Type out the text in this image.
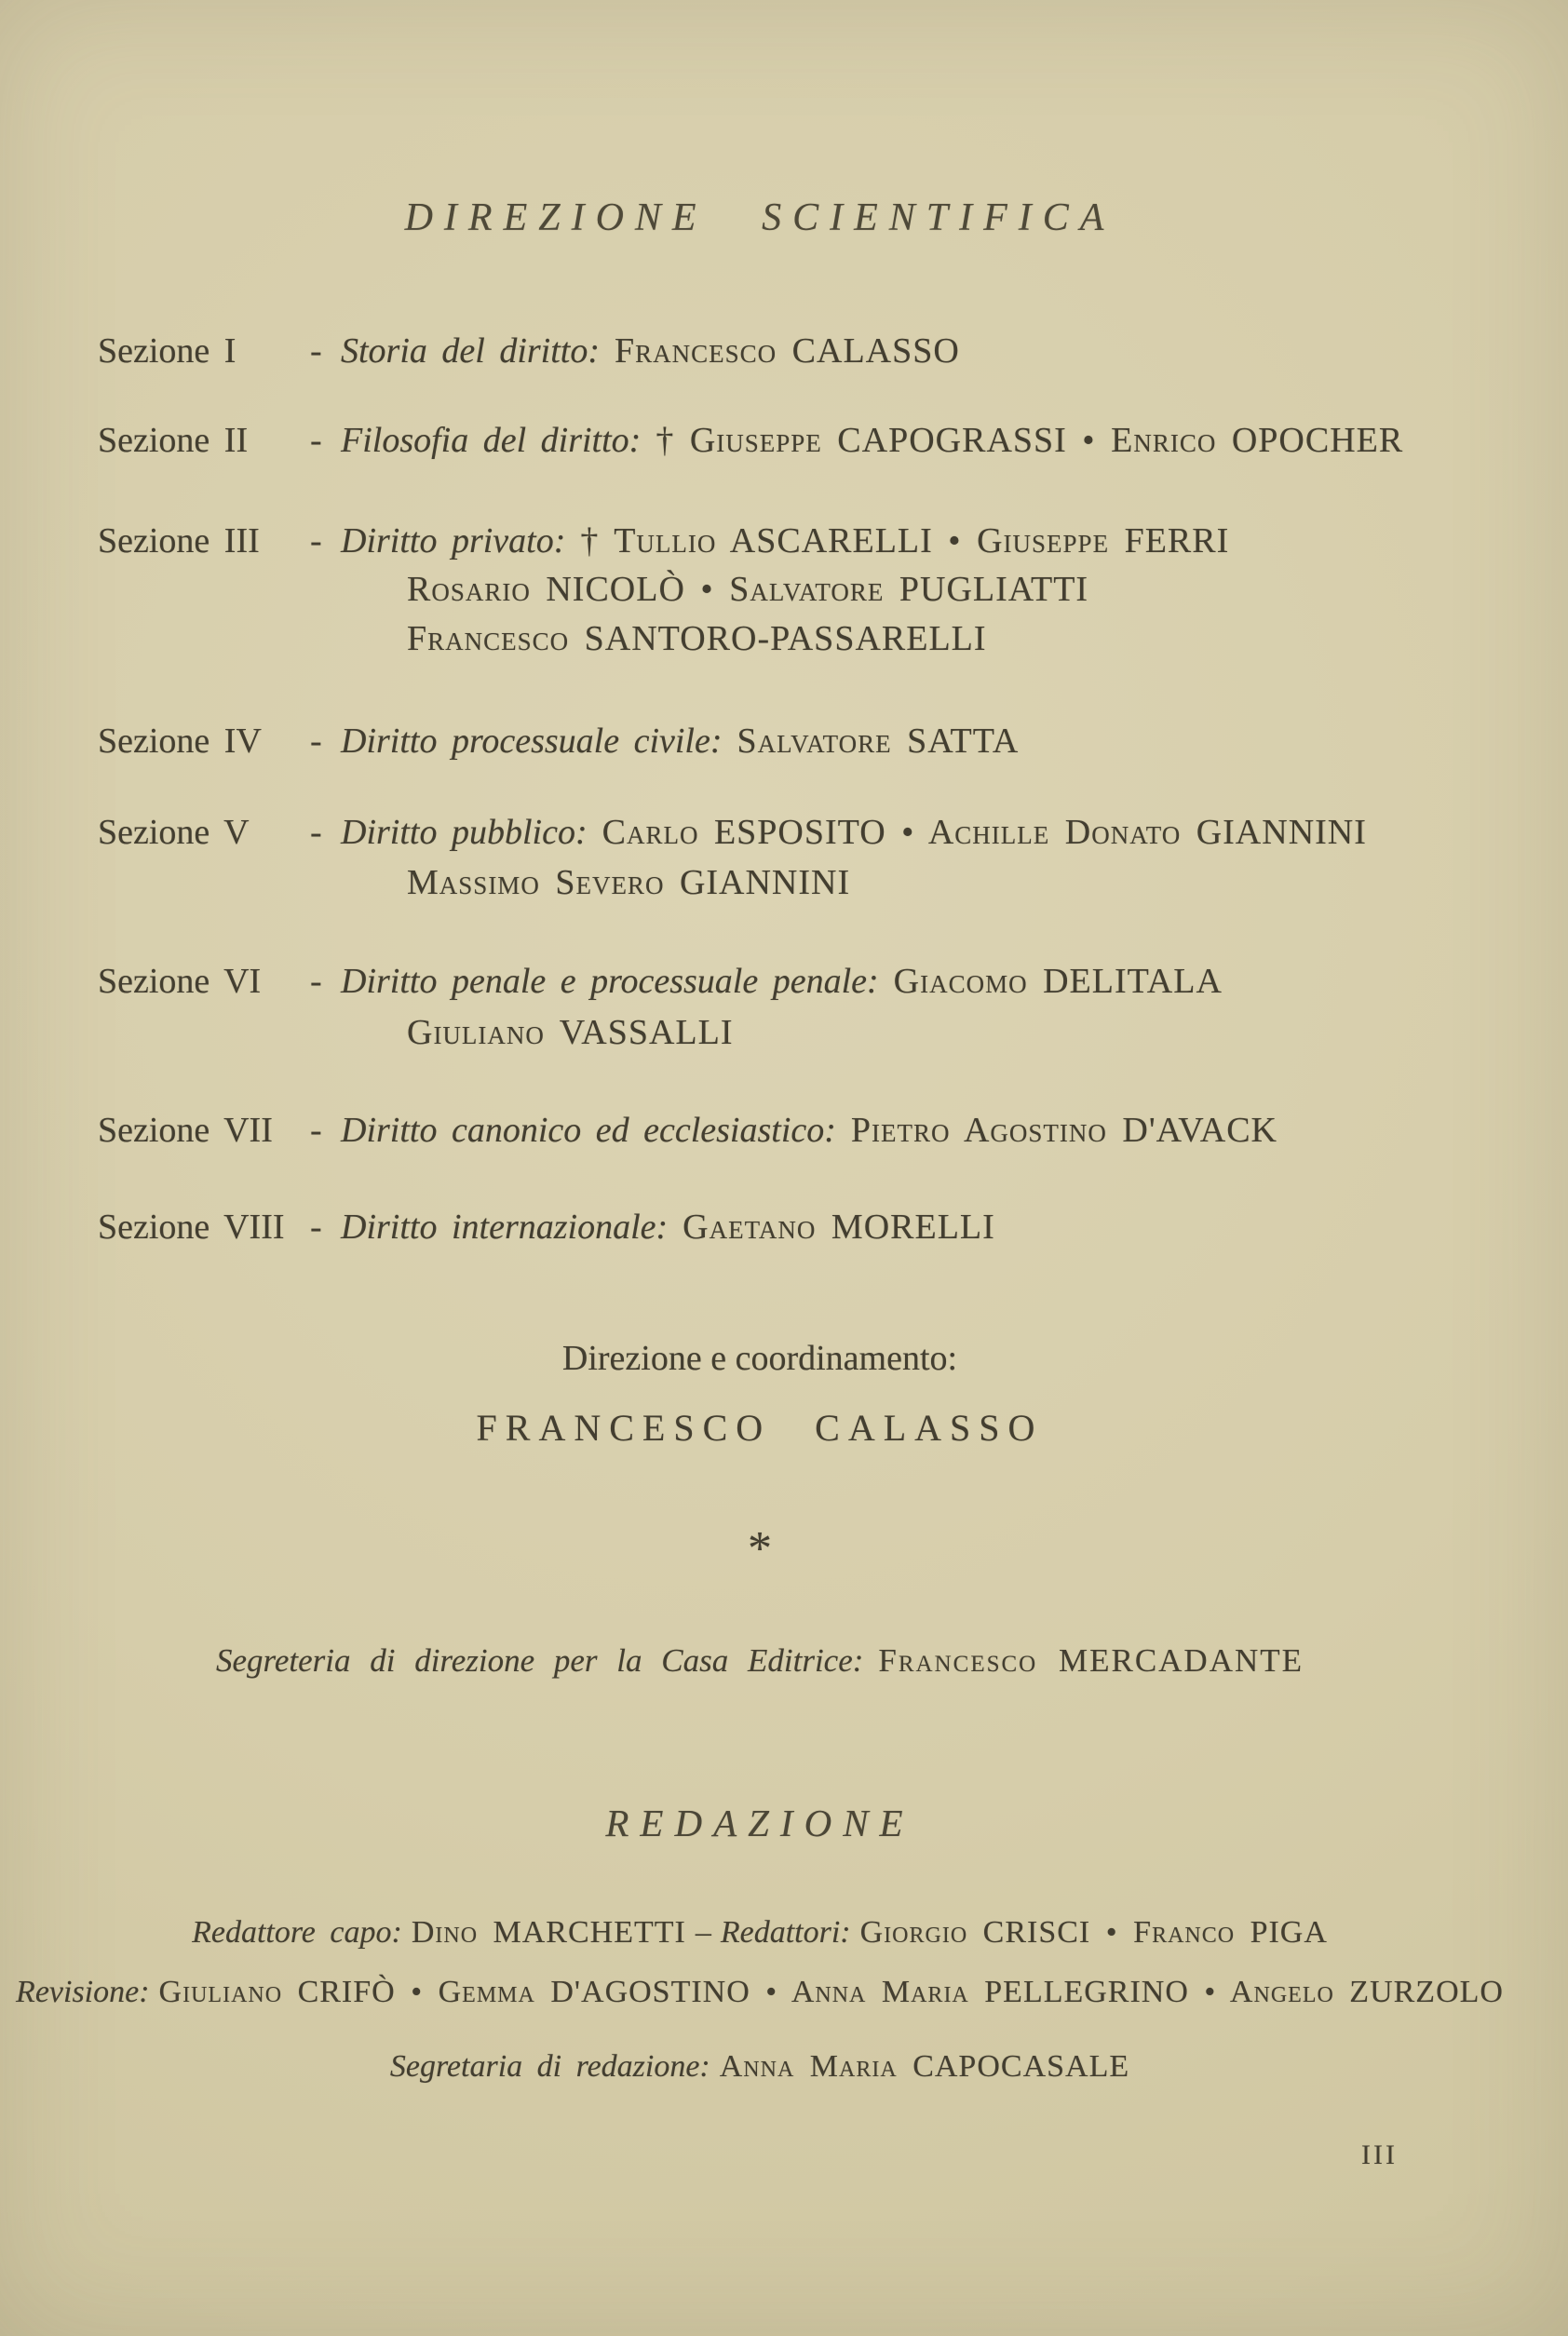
DIREZIONE SCIENTIFICA
Sezione I - Storia del diritto: Francesco CALASSO
Sezione II - Filosofia del diritto: † Giuseppe CAPOGRASSI • Enrico OPOCHER
Sezione III - Diritto privato: † Tullio ASCARELLI • Giuseppe FERRI
Rosario NICOLÒ • Salvatore PUGLIATTI
Francesco SANTORO-PASSARELLI
Sezione IV - Diritto processuale civile: Salvatore SATTA
Sezione V - Diritto pubblico: Carlo ESPOSITO • Achille Donato GIANNINI
Massimo Severo GIANNINI
Sezione VI - Diritto penale e processuale penale: Giacomo DELITALA
Giuliano VASSALLI
Sezione VII - Diritto canonico ed ecclesiastico: Pietro Agostino D'AVACK
Sezione VIII - Diritto internazionale: Gaetano MORELLI
Direzione e coordinamento:
FRANCESCO CALASSO
*
Segreteria di direzione per la Casa Editrice: Francesco MERCADANTE
REDAZIONE
Redattore capo: Dino MARCHETTI – Redattori: Giorgio CRISCI • Franco PIGA
Revisione: Giuliano CRIFÒ • Gemma D'AGOSTINO • Anna Maria PELLEGRINO • Angelo ZURZOLO
Segretaria di redazione: Anna Maria CAPOCASALE
III
